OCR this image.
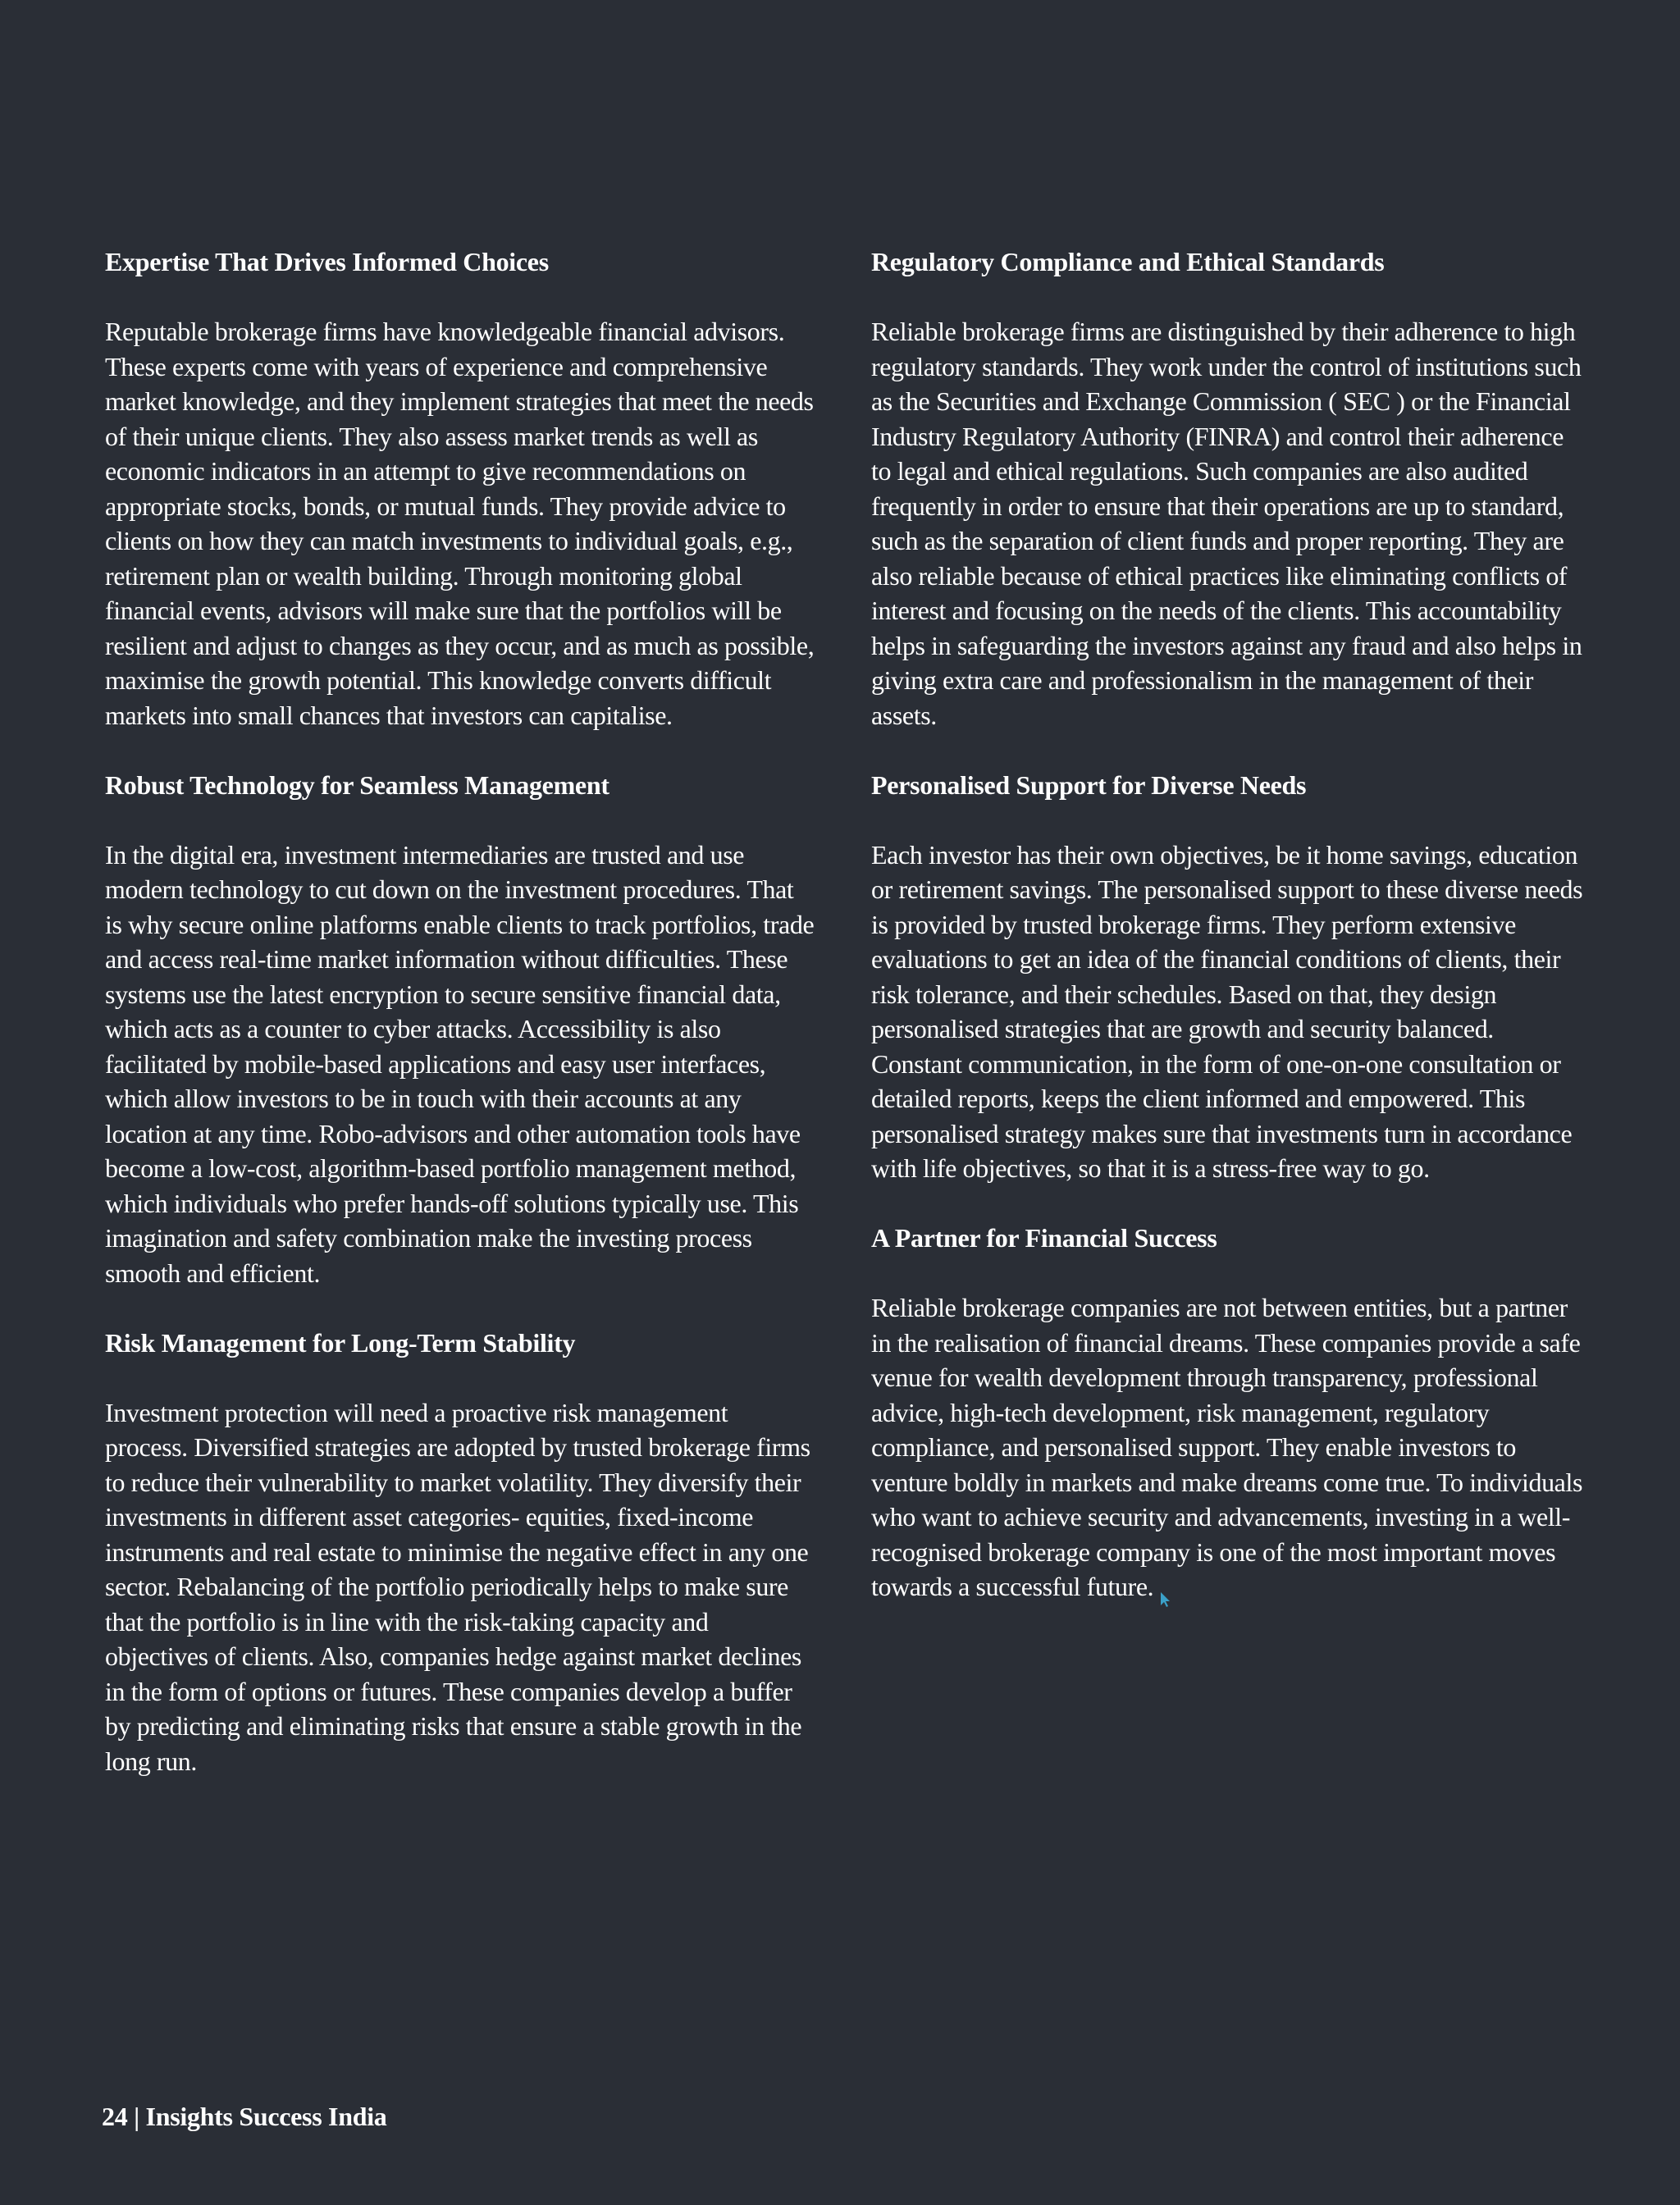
Expertise That Drives Informed Choices

Reputable brokerage firms have knowledgeable financial advisors. These experts come with years of experience and comprehensive market knowledge, and they implement strategies that meet the needs of their unique clients. They also assess market trends as well as economic indicators in an attempt to give recommendations on appropriate stocks, bonds, or mutual funds. They provide advice to clients on how they can match investments to individual goals, e.g., retirement plan or wealth building. Through monitoring global financial events, advisors will make sure that the portfolios will be resilient and adjust to changes as they occur, and as much as possible, maximise the growth potential. This knowledge converts difficult markets into small chances that investors can capitalise.

Robust Technology for Seamless Management

In the digital era, investment intermediaries are trusted and use modern technology to cut down on the investment procedures. That is why secure online platforms enable clients to track portfolios, trade and access real-time market information without difficulties. These systems use the latest encryption to secure sensitive financial data, which acts as a counter to cyber attacks. Accessibility is also facilitated by mobile-based applications and easy user interfaces, which allow investors to be in touch with their accounts at any location at any time. Robo-advisors and other automation tools have become a low-cost, algorithm-based portfolio management method, which individuals who prefer hands-off solutions typically use. This imagination and safety combination make the investing process smooth and efficient.

Risk Management for Long-Term Stability

Investment protection will need a proactive risk management process. Diversified strategies are adopted by trusted brokerage firms to reduce their vulnerability to market volatility. They diversify their investments in different asset categories- equities, fixed-income instruments and real estate to minimise the negative effect in any one sector. Rebalancing of the portfolio periodically helps to make sure that the portfolio is in line with the risk-taking capacity and objectives of clients. Also, companies hedge against market declines in the form of options or futures. These companies develop a buffer by predicting and eliminating risks that ensure a stable growth in the long run.

Regulatory Compliance and Ethical Standards

Reliable brokerage firms are distinguished by their adherence to high regulatory standards. They work under the control of institutions such as the Securities and Exchange Commission ( SEC ) or the Financial Industry Regulatory Authority (FINRA) and control their adherence to legal and ethical regulations. Such companies are also audited frequently in order to ensure that their operations are up to standard, such as the separation of client funds and proper reporting. They are also reliable because of ethical practices like eliminating conflicts of interest and focusing on the needs of the clients. This accountability helps in safeguarding the investors against any fraud and also helps in giving extra care and professionalism in the management of their assets.

Personalised Support for Diverse Needs

Each investor has their own objectives, be it home savings, education or retirement savings. The personalised support to these diverse needs is provided by trusted brokerage firms. They perform extensive evaluations to get an idea of the financial conditions of clients, their risk tolerance, and their schedules. Based on that, they design personalised strategies that are growth and security balanced. Constant communication, in the form of one-on-one consultation or detailed reports, keeps the client informed and empowered. This personalised strategy makes sure that investments turn in accordance with life objectives, so that it is a stress-free way to go.

A Partner for Financial Success

Reliable brokerage companies are not between entities, but a partner in the realisation of financial dreams. These companies provide a safe venue for wealth development through transparency, professional advice, high-tech development, risk management, regulatory compliance, and personalised support. They enable investors to venture boldly in markets and make dreams come true. To individuals who want to achieve security and advancements, investing in a well-recognised brokerage company is one of the most important moves towards a successful future.

24 | Insights Success India
